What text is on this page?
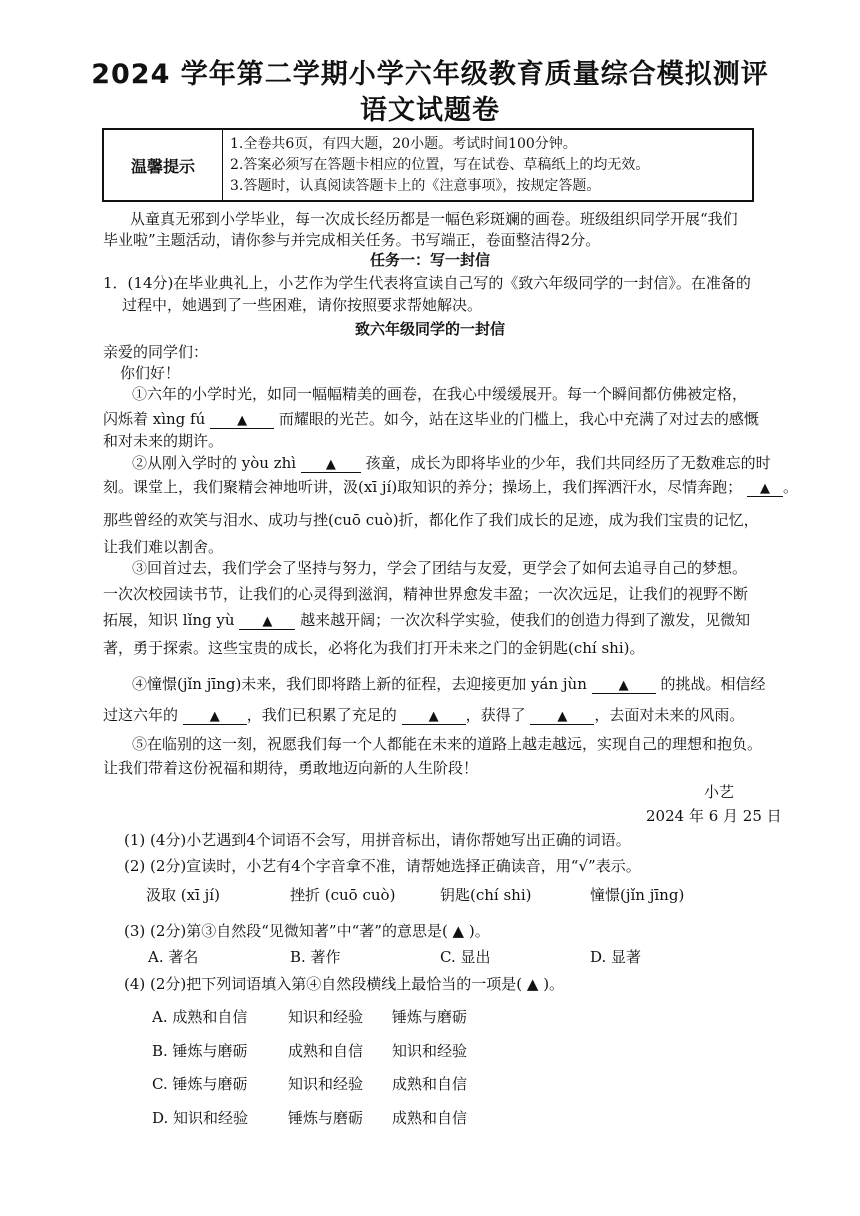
2024 学年第二学期小学六年级教育质量综合模拟测评
语文试题卷
温馨提示
1.全卷共6页，有四大题，20小题。考试时间100分钟。
2.答案必须写在答题卡相应的位置，写在试卷、草稿纸上的均无效。
3.答题时，认真阅读答题卡上的《注意事项》，按规定答题。
从童真无邪到小学毕业，每一次成长经历都是一幅色彩斑斓的画卷。班级组织同学开展“我们
毕业啦”主题活动，请你参与并完成相关任务。书写端正，卷面整洁得2分。
任务一：写一封信
1．(14分)在毕业典礼上，小艺作为学生代表将宣读自己写的《致六年级同学的一封信》。在准备的
过程中，她遇到了一些困难，请你按照要求帮她解决。
致六年级同学的一封信
亲爱的同学们：
你们好！
①六年的小学时光，如同一幅幅精美的画卷，在我心中缓缓展开。每一个瞬间都仿佛被定格，
闪烁着 xìng fú ▲ 而耀眼的光芒。如今，站在这毕业的门槛上，我心中充满了对过去的感慨
和对未来的期许。
②从刚入学时的 yòu zhì ▲ 孩童，成长为即将毕业的少年，我们共同经历了无数难忘的时
刻。课堂上，我们聚精会神地听讲，汲(xī jí)取知识的养分；操场上，我们挥洒汗水，尽情奔跑； ▲ 。
那些曾经的欢笑与泪水、成功与挫(cuō cuò)折，都化作了我们成长的足迹，成为我们宝贵的记忆，
让我们难以割舍。
③回首过去，我们学会了坚持与努力，学会了团结与友爱，更学会了如何去追寻自己的梦想。
一次次校园读书节，让我们的心灵得到滋润，精神世界愈发丰盈；一次次远足，让我们的视野不断
拓展，知识 lǐng yù ▲ 越来越开阔；一次次科学实验，使我们的创造力得到了激发，见微知
著，勇于探索。这些宝贵的成长，必将化为我们打开未来之门的金钥匙(chí shi)。
④憧憬(jǐn jīng)未来，我们即将踏上新的征程，去迎接更加 yán jùn ▲ 的挑战。相信经
过这六年的 ▲ ，我们已积累了充足的 ▲ ，获得了 ▲ ，去面对未来的风雨。
⑤在临别的这一刻，祝愿我们每一个人都能在未来的道路上越走越远，实现自己的理想和抱负。
让我们带着这份祝福和期待，勇敢地迈向新的人生阶段！
小艺
2024 年 6 月 25 日
(1) (4分)小艺遇到4个词语不会写，用拼音标出，请你帮她写出正确的词语。
(2) (2分)宣读时，小艺有4个字音拿不准，请帮她选择正确读音，用“√”表示。
汲取 (xī jí)	挫折 (cuō cuò)	钥匙(chí shi)	憧憬(jǐn jīng)
(3) (2分)第③自然段“见微知著”中“著”的意思是( ▲ )。
A. 著名	B. 著作	C. 显出	D. 显著
(4) (2分)把下列词语填入第④自然段横线上最恰当的一项是( ▲ )。
A. 成熟和自信	知识和经验 锤炼与磨砺
B. 锤炼与磨砺	成熟和自信 知识和经验
C. 锤炼与磨砺	知识和经验 成熟和自信
D. 知识和经验	锤炼与磨砺 成熟和自信
